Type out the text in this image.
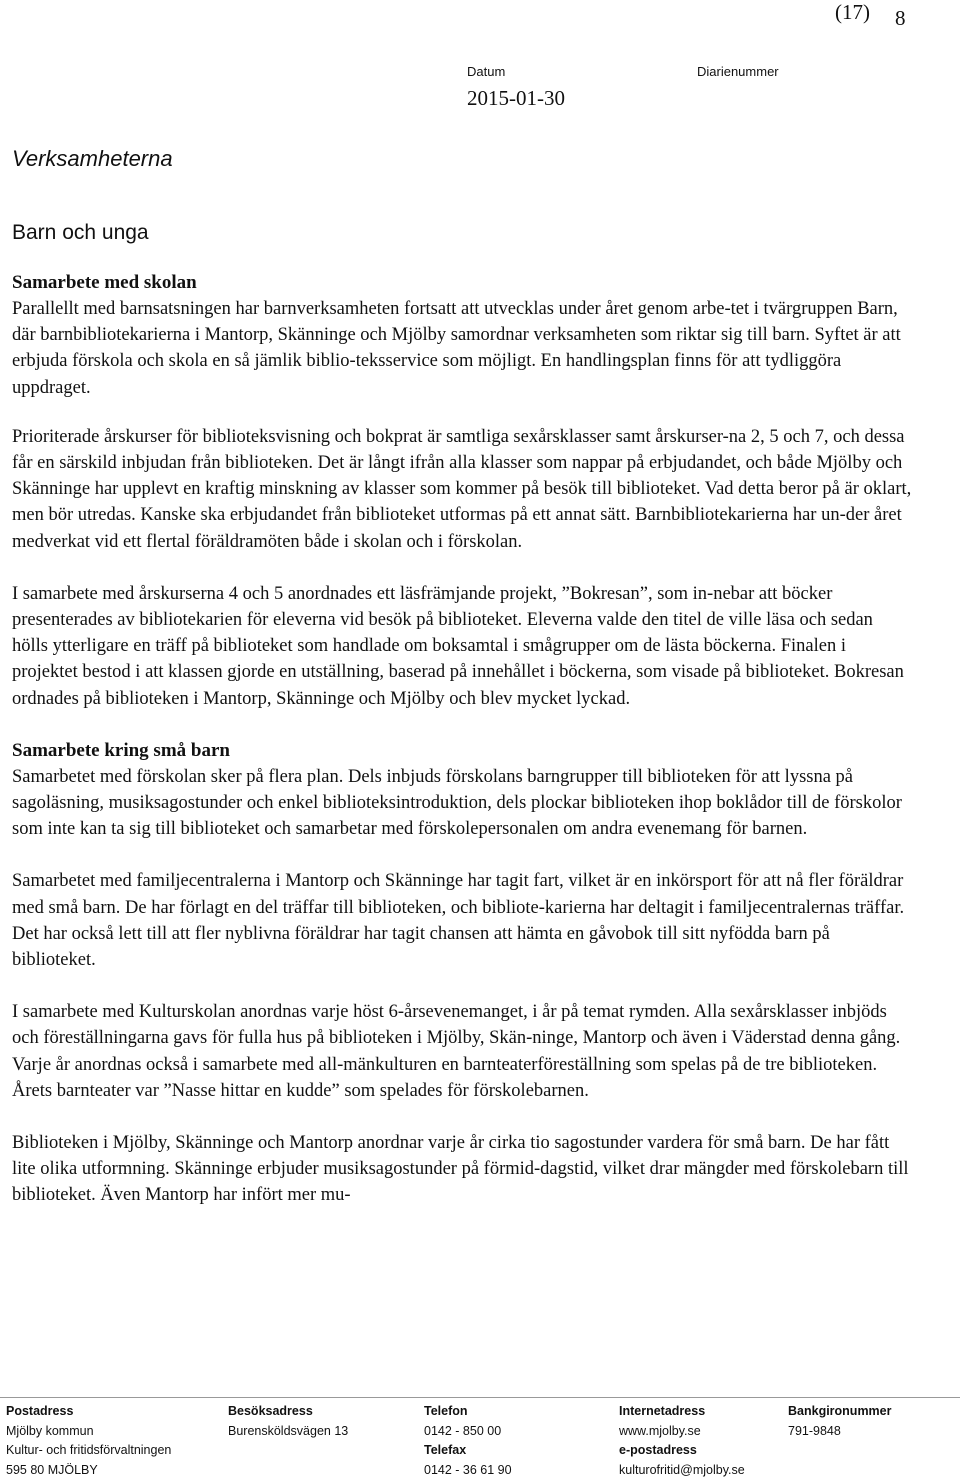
(17) 8
Datum	Diarienummer
2015-01-30
Verksamheterna
Barn och unga
Samarbete med skolan

Parallellt med barnsatsningen har barnverksamheten fortsatt att utvecklas under året genom arbe-tet i tvärgruppen Barn, där barnbibliotekarierna i Mantorp, Skänninge och Mjölby samordnar verksamheten som riktar sig till barn. Syftet är att erbjuda förskola och skola en så jämlik biblio-teksservice som möjligt. En handlingsplan finns för att tydliggöra uppdraget.

Prioriterade årskurser för biblioteksvisning och bokprat är samtliga sexårsklasser samt årskurser-na 2, 5 och 7, och dessa får en särskild inbjudan från biblioteken. Det är långt ifrån alla klasser som nappar på erbjudandet, och både Mjölby och Skänninge har upplevt en kraftig minskning av klasser som kommer på besök till biblioteket. Vad detta beror på är oklart, men bör utredas. Kanske ska erbjudandet från biblioteket utformas på ett annat sätt. Barnbibliotekarierna har un-der året medverkat vid ett flertal föräldramöten både i skolan och i förskolan.

I samarbete med årskurserna 4 och 5 anordnades ett läsfrämjande projekt, ”Bokresan”, som in-nebar att böcker presenterades av bibliotekarien för eleverna vid besök på biblioteket. Eleverna valde den titel de ville läsa och sedan hölls ytterligare en träff på biblioteket som handlade om boksamtal i smågrupper om de lästa böckerna. Finalen i projektet bestod i att klassen gjorde en utställning, baserad på innehållet i böckerna, som visade på biblioteket. Bokresan ordnades på biblioteken i Mantorp, Skänninge och Mjölby och blev mycket lyckad.

Samarbete kring små barn

Samarbetet med förskolan sker på flera plan. Dels inbjuds förskolans barngrupper till biblioteken för att lyssna på sagoläsning, musiksagostunder och enkel biblioteksintroduktion, dels plockar biblioteken ihop boklådor till de förskolor som inte kan ta sig till biblioteket och samarbetar med förskolepersonalen om andra evenemang för barnen.

Samarbetet med familjecentralerna i Mantorp och Skänninge har tagit fart, vilket är en inkörsport för att nå fler föräldrar med små barn. De har förlagt en del träffar till biblioteken, och bibliote-karierna har deltagit i familjecentralernas träffar. Det har också lett till att fler nyblivna föräldrar har tagit chansen att hämta en gåvobok till sitt nyfödda barn på biblioteket.

I samarbete med Kulturskolan anordnas varje höst 6-årsevenemanget, i år på temat rymden. Alla sexårsklasser inbjöds och föreställningarna gavs för fulla hus på biblioteken i Mjölby, Skän-ninge, Mantorp och även i Väderstad denna gång. Varje år anordnas också i samarbete med all-mänkulturen en barnteaterföreställning som spelas på de tre biblioteken. Årets barnteater var ”Nasse hittar en kudde” som spelades för förskolebarnen.

Biblioteken i Mjölby, Skänninge och Mantorp anordnar varje år cirka tio sagostunder vardera för små barn. De har fått lite olika utformning. Skänninge erbjuder musiksagostunder på förmid-dagstid, vilket drar mängder med förskolebarn till biblioteket. Även Mantorp har infört mer mu-

Postadress
Mjölby kommun
Kultur- och fritidsförvaltningen
595 80 MJÖLBY
Besöksadress
Burensköldsvägen 13
Telefon
0142 - 850 00
Telefax
0142 - 36 61 90
Internetadress
www.mjolby.se
e-postadress
kulturofritid@mjolby.se
Bankgironummer
791-9848
